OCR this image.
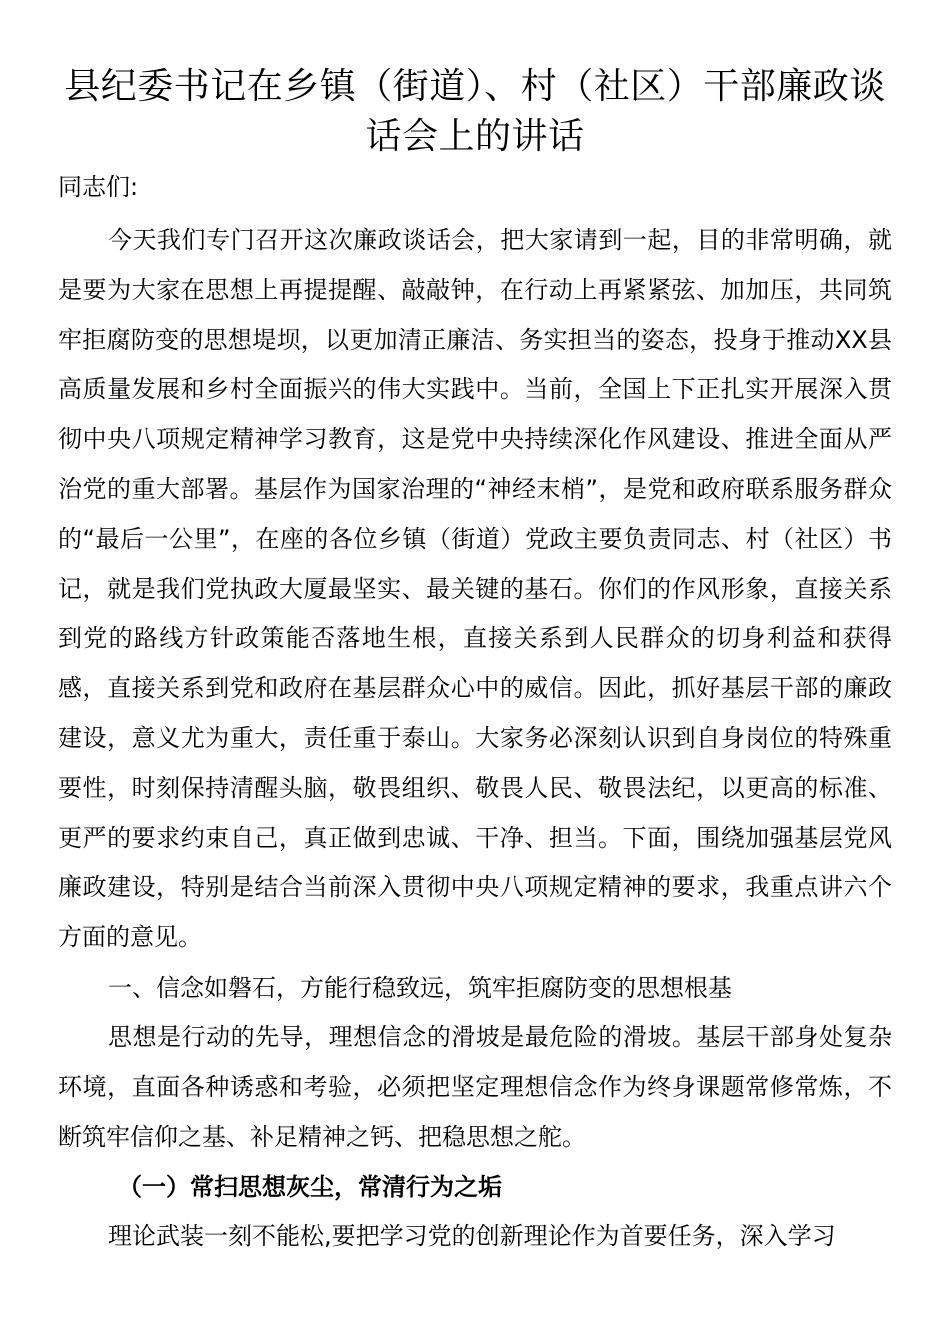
县纪委书记在乡镇（街道）、村（社区）干部廉政谈话会上的讲话

同志们:

今天我们专门召开这次廉政谈话会，把大家请到一起，目的非常明确，就是要为大家在思想上再提提醒、敲敲钟，在行动上再紧紧弦、加加压，共同筑牢拒腐防变的思想堤坝，以更加清正廉洁、务实担当的姿态，投身于推动XX县高质量发展和乡村全面振兴的伟大实践中。当前，全国上下正扎实开展深入贯彻中央八项规定精神学习教育，这是党中央持续深化作风建设、推进全面从严治党的重大部署。基层作为国家治理的“神经末梢”，是党和政府联系服务群众的“最后一公里”，在座的各位乡镇（街道）党政主要负责同志、村（社区）书记，就是我们党执政大厦最坚实、最关键的基石。你们的作风形象，直接关系到党的路线方针政策能否落地生根，直接关系到人民群众的切身利益和获得感，直接关系到党和政府在基层群众心中的威信。因此，抓好基层干部的廉政建设，意义尤为重大，责任重于泰山。大家务必深刻认识到自身岗位的特殊重要性，时刻保持清醒头脑，敬畏组织、敬畏人民、敬畏法纪，以更高的标准、更严的要求约束自己，真正做到忠诚、干净、担当。下面，围绕加强基层党风廉政建设，特别是结合当前深入贯彻中央八项规定精神的要求，我重点讲六个方面的意见。

一、信念如磐石，方能行稳致远，筑牢拒腐防变的思想根基

思想是行动的先导，理想信念的滑坡是最危险的滑坡。基层干部身处复杂环境，直面各种诱惑和考验，必须把坚定理想信念作为终身课题常修常炼，不断筑牢信仰之基、补足精神之钙、把稳思想之舵。

（一）常扫思想灰尘，常清行为之垢

理论武装一刻不能松,要把学习党的创新理论作为首要任务，深入学习
